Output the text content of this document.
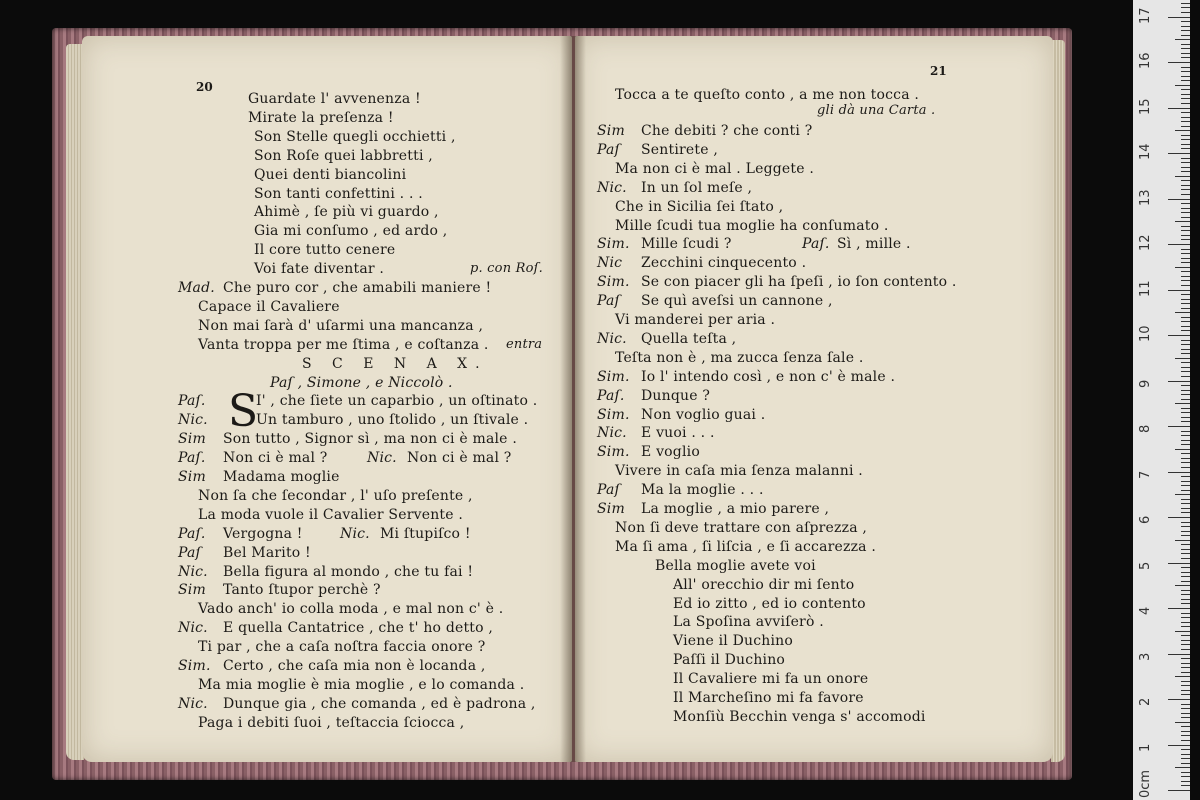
20
Guardate l' avvenenza !
Mirate la preſenza !
Son Stelle quegli occhietti ,
Son Roſe quei labbretti ,
Quei denti biancolini
Son tanti confettini . . .
Ahimè , ſe più vi guardo ,
Gia mi conſumo , ed ardo ,
Il core tutto cenere
Voi fate diventar .	p. con Roſ.
Mad. Che puro cor , che amabili maniere !
Capace il Cavaliere
Non mai ſarà d' uſarmi una mancanza ,
Vanta troppa per me ſtima , e coſtanza . entra
S C E N A X.
Paſ , Simone , e Niccolò .
Paſ.	I' , che ſiete un caparbio , un oſtinato .
Nic.	Un tamburo , uno ſtolido , un ſtivale .
Sim Son tutto , Signor sì , ma non ci è male .
Paſ. Non ci è mal ?	Nic. Non ci è mal ?
Sim Madama moglie
Non ſa che ſecondar , l' uſo preſente ,
La moda vuole il Cavalier Servente .
Paſ. Vergogna !	Nic. Mi ſtupiſco !
Paſ Bel Marito !
Nic. Bella figura al mondo , che tu fai !
Sim Tanto ſtupor perchè ?
Vado anch' io colla moda , e mal non c' è .
Nic. E quella Cantatrice , che t' ho detto ,
Ti par , che a caſa noſtra faccia onore ?
Sim. Certo , che caſa mia non è locanda ,
Ma mia moglie è mia moglie , e lo comanda .
Nic. Dunque gia , che comanda , ed è padrona ,
Paga i debiti ſuoi , teſtaccia ſciocca ,
S
21
Tocca a te queſto conto , a me non tocca .
gli dà una Carta .
Sim Che debiti ? che conti ?
Paſ Sentirete ,
Ma non ci è mal . Leggete .
Nic. In un ſol meſe ,
Che in Sicilia ſei ſtato ,
Mille ſcudi tua moglie ha conſumato .
Sim. Mille ſcudi ?	Paſ. Sì , mille .
Nic Zecchini cinquecento .
Sim. Se con piacer gli ha ſpeſi , io ſon contento .
Paſ Se quì aveſsi un cannone ,
Vi manderei per aria .
Nic. Quella teſta ,
Teſta non è , ma zucca ſenza ſale .
Sim. Io l' intendo così , e non c' è male .
Paſ. Dunque ?
Sim. Non voglio guai .
Nic. E vuoi . . .
Sim. E voglio
Vivere in caſa mia ſenza malanni .
Paſ Ma la moglie . . .
Sim La moglie , a mio parere ,
Non ſi deve trattare con aſprezza ,
Ma ſi ama , ſi liſcia , e ſi accarezza .
Bella moglie avete voi
All' orecchio dir mi ſento
Ed io zitto , ed io contento
La Spoſina avviſerò .
Viene il Duchino
Paſſi il Duchino
Il Cavaliere mi fa un onore
Il Marcheſino mi fa favore
Monſiù Becchin venga s' accomodi
0cm
1
2
3
4
5
6
7
8
9
10
11
12
13
14
15
16
17
